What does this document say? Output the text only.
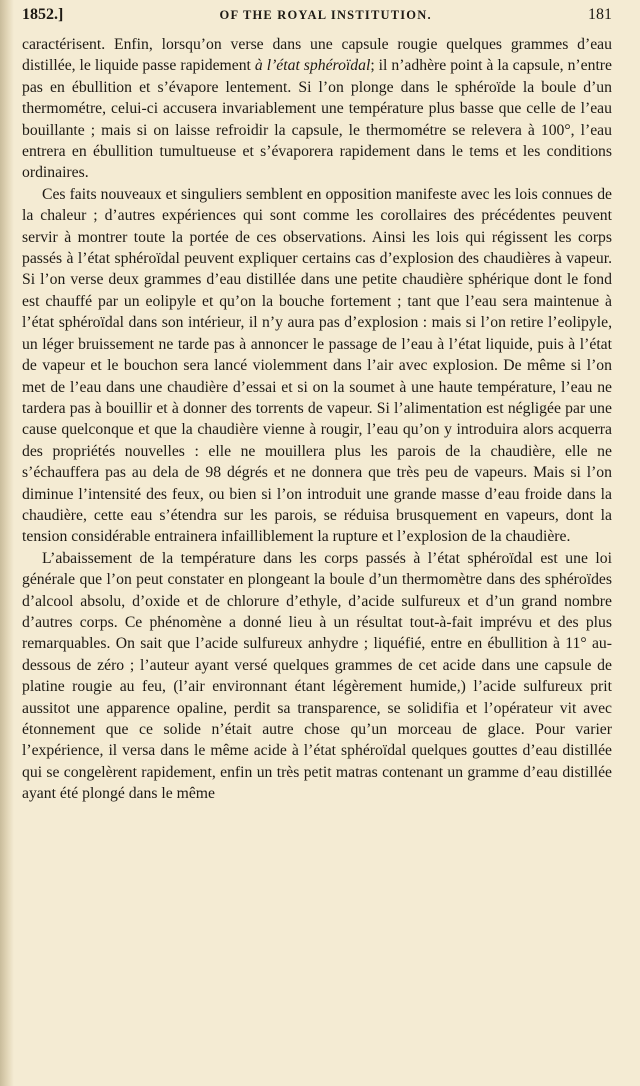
1852.]	OF THE ROYAL INSTITUTION.	181

caractérisent. Enfin, lorsqu’on verse dans une capsule rougie quelques grammes d’eau distillée, le liquide passe rapidement à l’état sphéroïdal; il n’adhère point à la capsule, n’entre pas en ébullition et s’évapore lentement. Si l’on plonge dans le sphéroïde la boule d’un thermométre, celui-ci accusera invariablement une température plus basse que celle de l’eau bouillante ; mais si on laisse refroidir la capsule, le thermométre se relevera à 100°, l’eau entrera en ébullition tumultueuse et s’évaporera rapidement dans le tems et les conditions ordinaires.

Ces faits nouveaux et singuliers semblent en opposition manifeste avec les lois connues de la chaleur ; d’autres expériences qui sont comme les corollaires des précédentes peuvent servir à montrer toute la portée de ces observations. Ainsi les lois qui régissent les corps passés à l’état sphéroïdal peuvent expliquer certains cas d’explosion des chaudières à vapeur. Si l’on verse deux grammes d’eau distillée dans une petite chaudière sphérique dont le fond est chauffé par un eolipyle et qu’on la bouche fortement ; tant que l’eau sera maintenue à l’état sphéroïdal dans son intérieur, il n’y aura pas d’explosion : mais si l’on retire l’eolipyle, un léger bruissement ne tarde pas à annoncer le passage de l’eau à l’état liquide, puis à l’état de vapeur et le bouchon sera lancé violemment dans l’air avec explosion. De même si l’on met de l’eau dans une chaudière d’essai et si on la soumet à une haute température, l’eau ne tardera pas à bouillir et à donner des torrents de vapeur. Si l’alimentation est négligée par une cause quelconque et que la chaudière vienne à rougir, l’eau qu’on y introduira alors acquerra des propriétés nouvelles : elle ne mouillera plus les parois de la chaudière, elle ne s’échauffera pas au dela de 98 dégrés et ne donnera que très peu de vapeurs. Mais si l’on diminue l’intensité des feux, ou bien si l’on introduit une grande masse d’eau froide dans la chaudière, cette eau s’étendra sur les parois, se réduisa brusquement en vapeurs, dont la tension considérable entrainera infailliblement la rupture et l’explosion de la chaudière.

L’abaissement de la température dans les corps passés à l’état sphéroïdal est une loi générale que l’on peut constater en plongeant la boule d’un thermomètre dans des sphéroïdes d’alcool absolu, d’oxide et de chlorure d’ethyle, d’acide sulfureux et d’un grand nombre d’autres corps. Ce phénomène a donné lieu à un résultat tout-à-fait imprévu et des plus remarquables. On sait que l’acide sulfureux anhydre ; liquéfié, entre en ébullition à 11° au-dessous de zéro ; l’auteur ayant versé quelques grammes de cet acide dans une capsule de platine rougie au feu, (l’air environnant étant légèrement humide,) l’acide sulfureux prit aussitot une apparence opaline, perdit sa transparence, se solidifia et l’opérateur vit avec étonnement que ce solide n’était autre chose qu’un morceau de glace. Pour varier l’expérience, il versa dans le même acide à l’état sphéroïdal quelques gouttes d’eau distillée qui se congelèrent rapidement, enfin un très petit matras contenant un gramme d’eau distillée ayant été plongé dans le même
